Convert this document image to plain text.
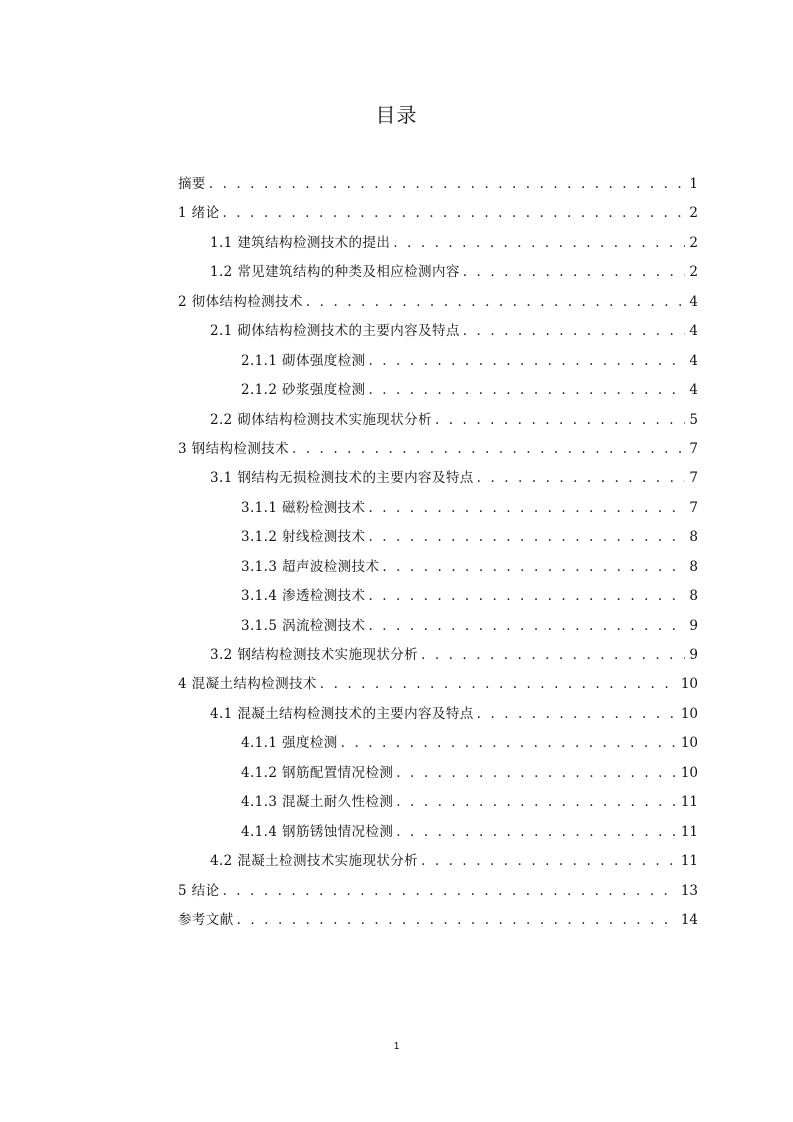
目录
摘要 . . .	1
1 绪论 . . .	2
1.1 建筑结构检测技术的提出 . . .	2
1.2 常见建筑结构的种类及相应检测内容 . . .	2
2 彻体结构检测技术 . . .	4
2.1 砌体结构检测技术的主要内容及特点 . . .	4
2.1.1 砌体强度检测 . . .	4
2.1.2 砂浆强度检测 . . .	4
2.2 砌体结构检测技术实施现状分析 . . .	5
3 钢结构检测技术 . . .	7
3.1 钢结构无损检测技术的主要内容及特点 . . .	7
3.1.1 磁粉检测技术 . . .	7
3.1.2 射线检测技术 . . .	8
3.1.3 超声波检测技术 . . .	8
3.1.4 渗透检测技术 . . .	8
3.1.5 涡流检测技术 . . .	9
3.2 钢结构检测技术实施现状分析 . . .	9
4 混凝土结构检测技术 . . .	10
4.1 混凝土结构检测技术的主要内容及特点 . . .	10
4.1.1 强度检测 . . .	10
4.1.2 钢筋配置情况检测 . . .	10
4.1.3 混凝土耐久性检测 . . .	11
4.1.4 钢筋锈蚀情况检测 . . .	11
4.2 混凝土检测技术实施现状分析 . . .	11
5 结论 . . .	13
参考文献 . . .	14
1
